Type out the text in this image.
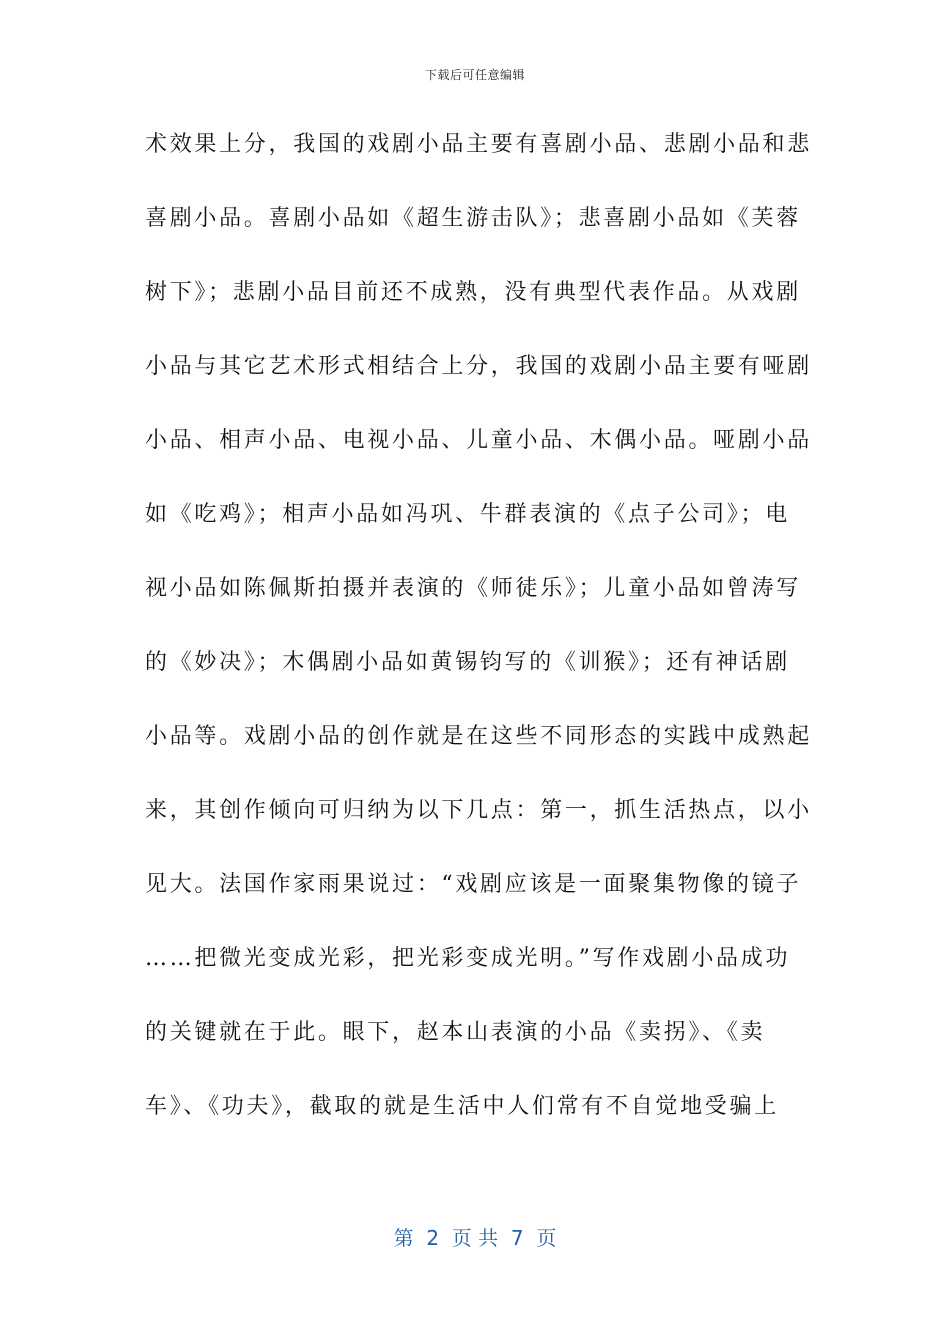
下载后可任意编辑
术效果上分，我国的戏剧小品主要有喜剧小品、悲剧小品和悲
喜剧小品。喜剧小品如《超生游击队》；悲喜剧小品如《芙蓉
树下》；悲剧小品目前还不成熟，没有典型代表作品。从戏剧
小品与其它艺术形式相结合上分，我国的戏剧小品主要有哑剧
小品、相声小品、电视小品、儿童小品、木偶小品。哑剧小品
如《吃鸡》；相声小品如冯巩、牛群表演的《点子公司》；电
视小品如陈佩斯拍摄并表演的《师徒乐》；儿童小品如曾涛写
的《妙决》；木偶剧小品如黄锡钧写的《训猴》；还有神话剧
小品等。戏剧小品的创作就是在这些不同形态的实践中成熟起
来，其创作倾向可归纳为以下几点：第一，抓生活热点，以小
见大。法国作家雨果说过：“戏剧应该是一面聚集物像的镜子
……把微光变成光彩，把光彩变成光明。”写作戏剧小品成功
的关键就在于此。眼下，赵本山表演的小品《卖拐》、《卖
车》、《功夫》，截取的就是生活中人们常有不自觉地受骗上
第  2  页 共  7  页
